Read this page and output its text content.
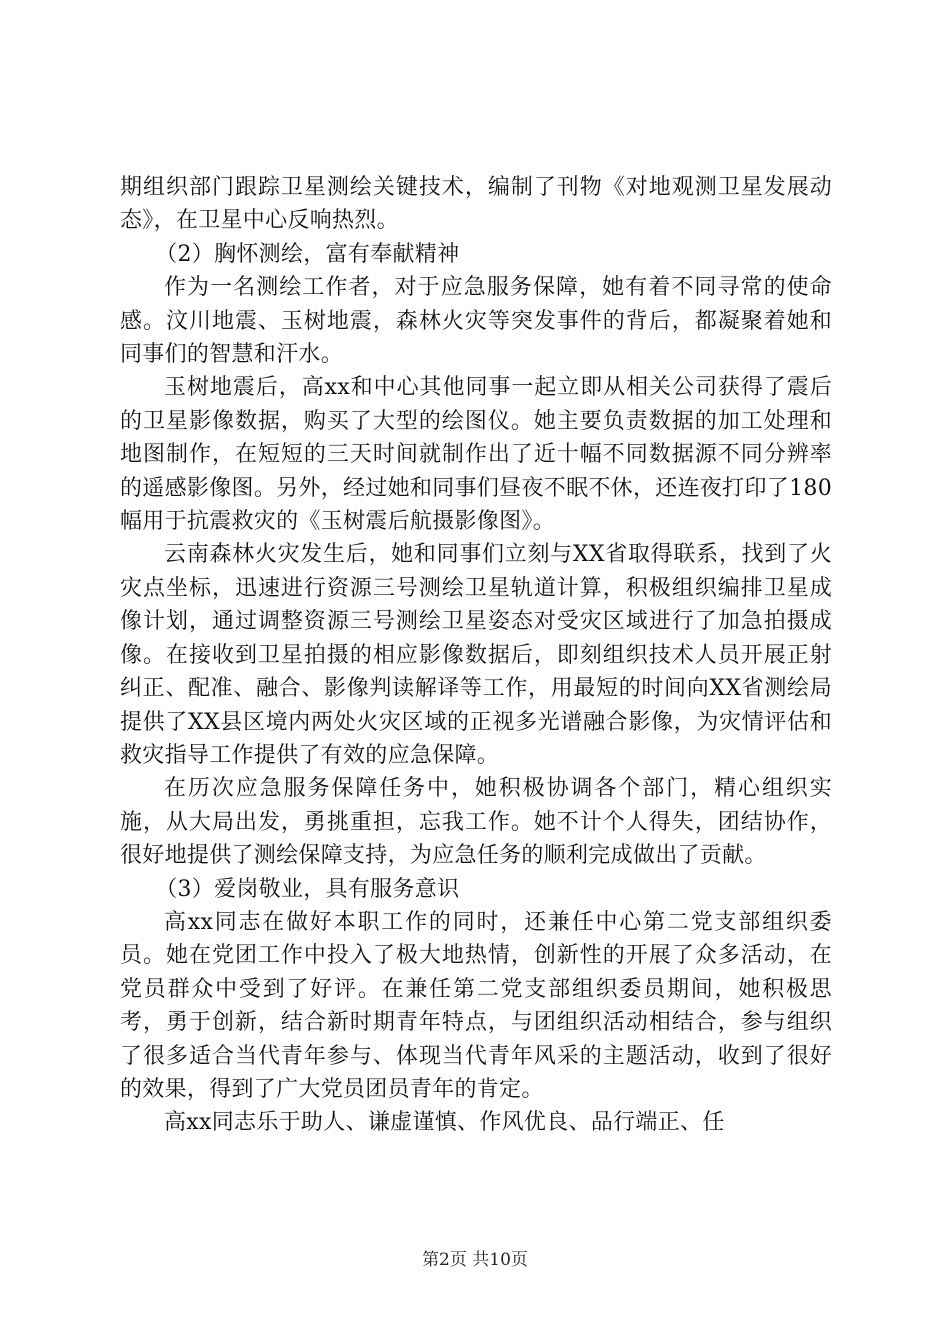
期组织部门跟踪卫星测绘关键技术，编制了刊物《对地观测卫星发展动态》，在卫星中心反响热烈。

（2）胸怀测绘，富有奉献精神

作为一名测绘工作者，对于应急服务保障，她有着不同寻常的使命感。汶川地震、玉树地震，森林火灾等突发事件的背后，都凝聚着她和同事们的智慧和汗水。

玉树地震后，高xx和中心其他同事一起立即从相关公司获得了震后的卫星影像数据，购买了大型的绘图仪。她主要负责数据的加工处理和地图制作，在短短的三天时间就制作出了近十幅不同数据源不同分辨率的遥感影像图。另外，经过她和同事们昼夜不眠不休，还连夜打印了180幅用于抗震救灾的《玉树震后航摄影像图》。

云南森林火灾发生后，她和同事们立刻与XX省取得联系，找到了火灾点坐标，迅速进行资源三号测绘卫星轨道计算，积极组织编排卫星成像计划，通过调整资源三号测绘卫星姿态对受灾区域进行了加急拍摄成像。在接收到卫星拍摄的相应影像数据后，即刻组织技术人员开展正射纠正、配准、融合、影像判读解译等工作，用最短的时间向XX省测绘局提供了XX县区境内两处火灾区域的正视多光谱融合影像，为灾情评估和救灾指导工作提供了有效的应急保障。

在历次应急服务保障任务中，她积极协调各个部门，精心组织实施，从大局出发，勇挑重担，忘我工作。她不计个人得失，团结协作，很好地提供了测绘保障支持，为应急任务的顺利完成做出了贡献。

（3）爱岗敬业，具有服务意识

高xx同志在做好本职工作的同时，还兼任中心第二党支部组织委员。她在党团工作中投入了极大地热情，创新性的开展了众多活动，在党员群众中受到了好评。在兼任第二党支部组织委员期间，她积极思考，勇于创新，结合新时期青年特点，与团组织活动相结合，参与组织了很多适合当代青年参与、体现当代青年风采的主题活动，收到了很好的效果，得到了广大党员团员青年的肯定。

高xx同志乐于助人、谦虚谨慎、作风优良、品行端正、任

第2页 共10页
